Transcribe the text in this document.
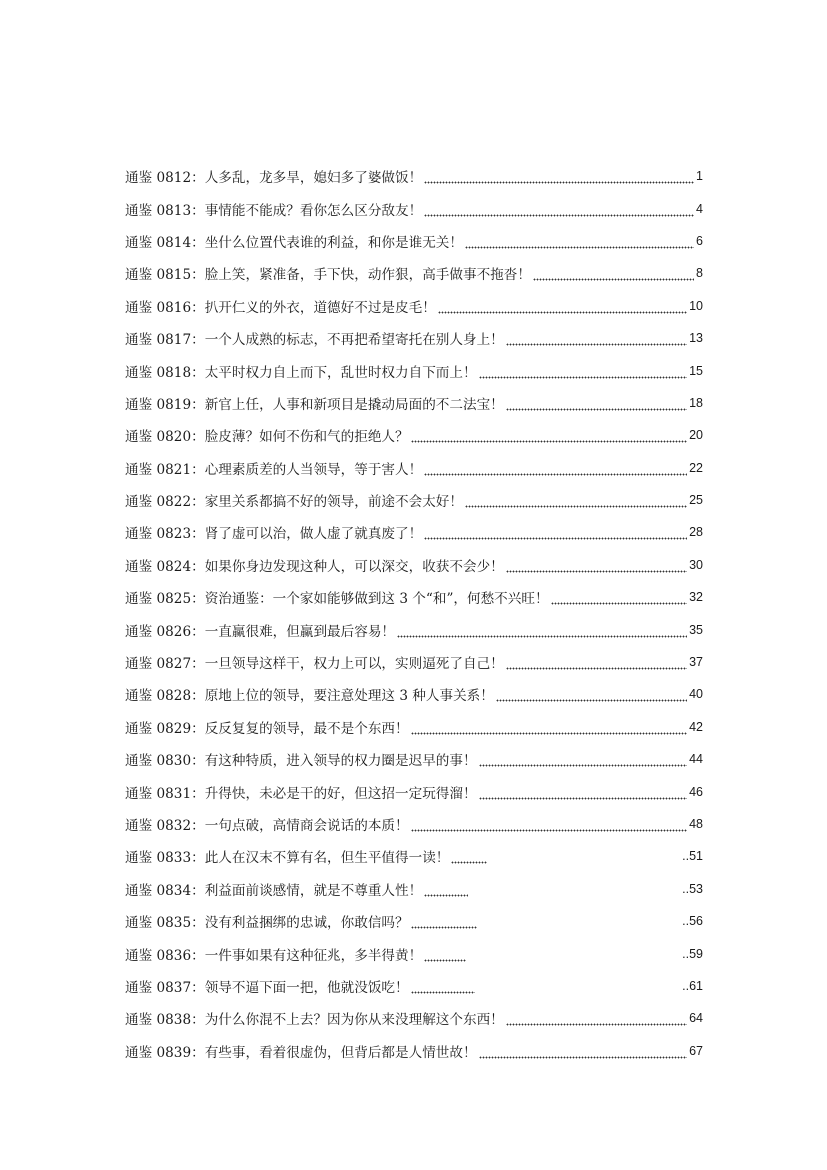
通鉴 0812： 人多乱，龙多旱，媳妇多了婆做饭！	1
通鉴 0813： 事情能不能成？看你怎么区分敌友！	4
通鉴 0814： 坐什么位置代表谁的利益，和你是谁无关！	6
通鉴 0815： 脸上笑，紧准备，手下快，动作狠，高手做事不拖沓！	8
通鉴 0816： 扒开仁义的外衣，道德好不过是皮毛！	10
通鉴 0817： 一个人成熟的标志，不再把希望寄托在别人身上！	13
通鉴 0818： 太平时权力自上而下，乱世时权力自下而上！	15
通鉴 0819： 新官上任，人事和新项目是撬动局面的不二法宝！	18
通鉴 0820： 脸皮薄？如何不伤和气的拒绝人？	20
通鉴 0821： 心理素质差的人当领导，等于害人！	22
通鉴 0822： 家里关系都搞不好的领导，前途不会太好！	25
通鉴 0823： 肾了虚可以治，做人虚了就真废了！	28
通鉴 0824： 如果你身边发现这种人，可以深交，收获不会少！	30
通鉴 0825： 资治通鉴：一个家如能够做到这 3 个“和”，何愁不兴旺！	32
通鉴 0826： 一直赢很难，但赢到最后容易！	35
通鉴 0827： 一旦领导这样干，权力上可以，实则逼死了自己！	37
通鉴 0828： 原地上位的领导，要注意处理这 3 种人事关系！	40
通鉴 0829： 反反复复的领导，最不是个东西！	42
通鉴 0830： 有这种特质，进入领导的权力圈是迟早的事！	44
通鉴 0831： 升得快，未必是干的好，但这招一定玩得溜！	46
通鉴 0832： 一句点破，高情商会说话的本质！	48
通鉴 0833： 此人在汉末不算有名，但生平值得一读！	..51
通鉴 0834： 利益面前谈感情，就是不尊重人性！	..53
通鉴 0835： 没有利益捆绑的忠诚，你敢信吗？	..56
通鉴 0836： 一件事如果有这种征兆，多半得黄！	..59
通鉴 0837： 领导不逼下面一把，他就没饭吃！	..61
通鉴 0838： 为什么你混不上去？因为你从来没理解这个东西！	64
通鉴 0839： 有些事，看着很虚伪，但背后都是人情世故！	67
